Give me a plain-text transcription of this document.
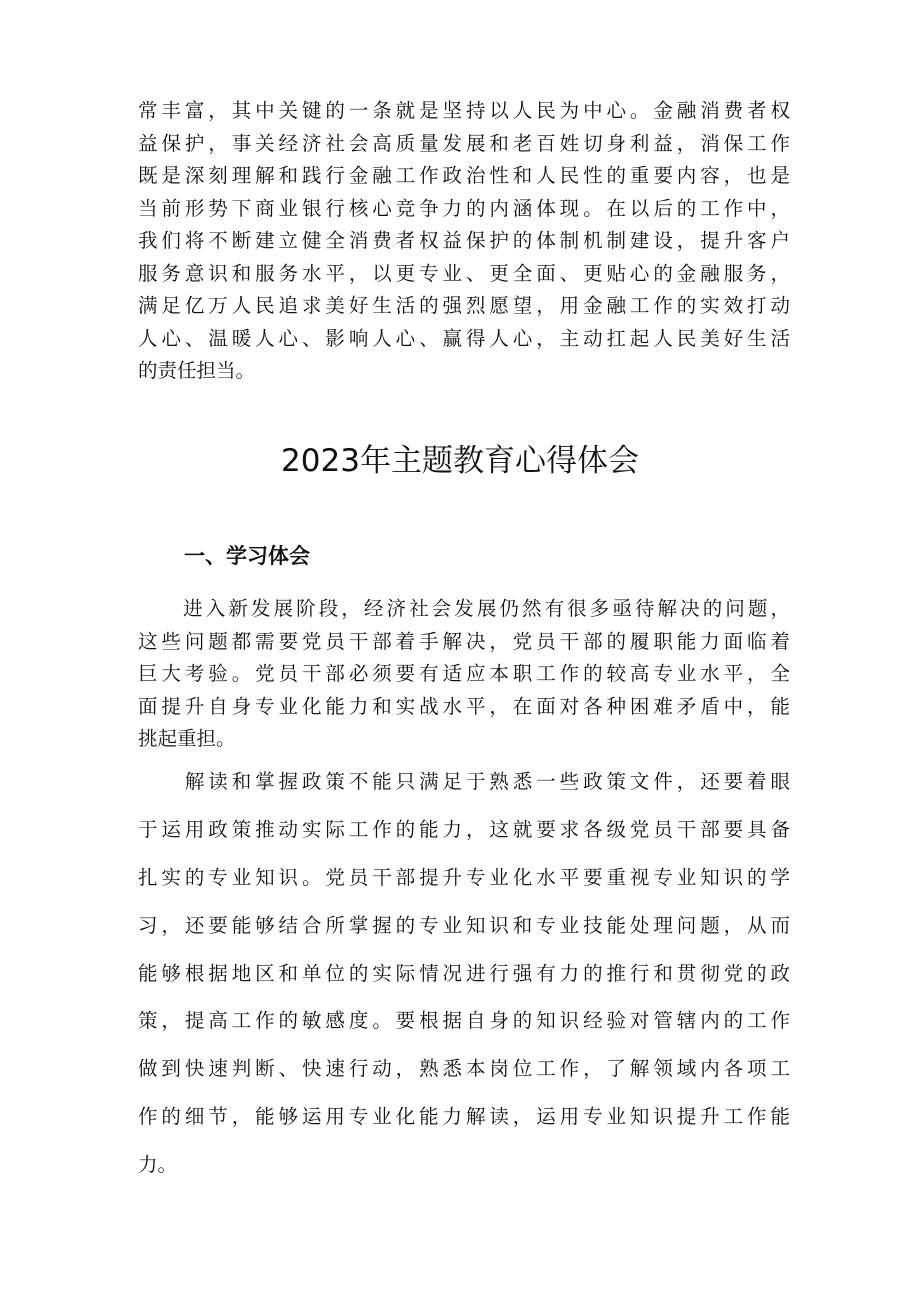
常丰富，其中关键的一条就是坚持以人民为中心。金融消费者权
益保护，事关经济社会高质量发展和老百姓切身利益，消保工作
既是深刻理解和践行金融工作政治性和人民性的重要内容，也是
当前形势下商业银行核心竞争力的内涵体现。在以后的工作中，
我们将不断建立健全消费者权益保护的体制机制建设，提升客户
服务意识和服务水平，以更专业、更全面、更贴心的金融服务，
满足亿万人民追求美好生活的强烈愿望，用金融工作的实效打动
人心、温暖人心、影响人心、赢得人心，主动扛起人民美好生活
的责任担当。
2023年主题教育心得体会
一、学习体会
　　进入新发展阶段，经济社会发展仍然有很多亟待解决的问题，
这些问题都需要党员干部着手解决，党员干部的履职能力面临着
巨大考验。党员干部必须要有适应本职工作的较高专业水平，全
面提升自身专业化能力和实战水平，在面对各种困难矛盾中，能
挑起重担。
　　解读和掌握政策不能只满足于熟悉一些政策文件，还要着眼
于运用政策推动实际工作的能力，这就要求各级党员干部要具备
扎实的专业知识。党员干部提升专业化水平要重视专业知识的学
习，还要能够结合所掌握的专业知识和专业技能处理问题，从而
能够根据地区和单位的实际情况进行强有力的推行和贯彻党的政
策，提高工作的敏感度。要根据自身的知识经验对管辖内的工作
做到快速判断、快速行动，熟悉本岗位工作，了解领域内各项工
作的细节，能够运用专业化能力解读，运用专业知识提升工作能
力。
